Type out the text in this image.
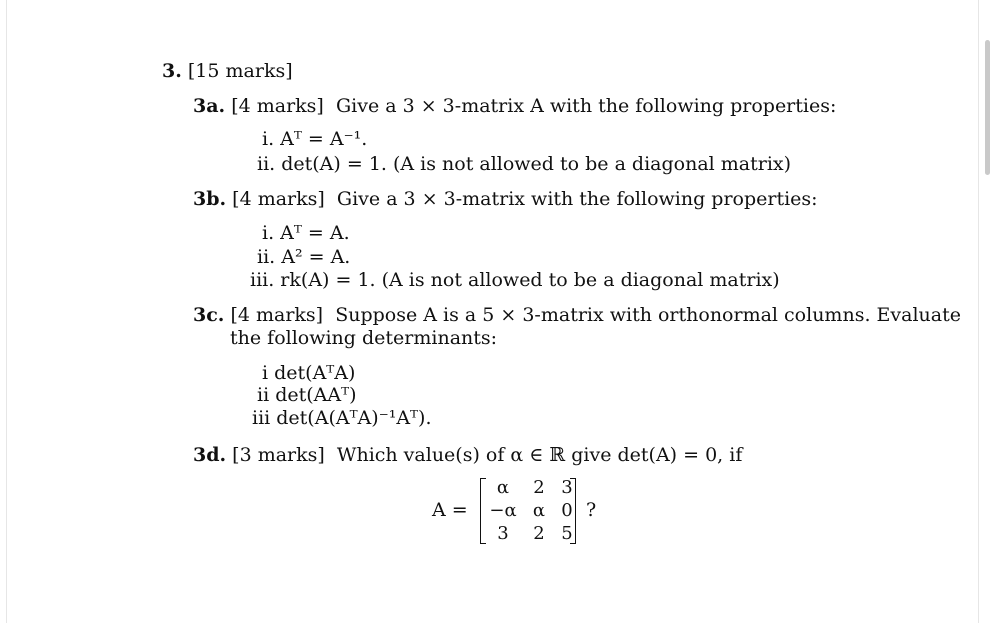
3. [15 marks]
3a. [4 marks] Give a 3 × 3-matrix A with the following properties:
i. Aᵀ = A⁻¹.
ii. det(A) = 1. (A is not allowed to be a diagonal matrix)
3b. [4 marks] Give a 3 × 3-matrix with the following properties:
i. Aᵀ = A.
ii. A² = A.
iii. rk(A) = 1. (A is not allowed to be a diagonal matrix)
3c. [4 marks] Suppose A is a 5 × 3-matrix with orthonormal columns. Evaluate
the following determinants:
i det(AᵀA)
ii det(AAᵀ)
iii det(A(AᵀA)⁻¹Aᵀ).
3d. [3 marks] Which value(s) of α ∈ ℝ give det(A) = 0, if
A =
α	2 3
−α α 0
3	2 5
?
